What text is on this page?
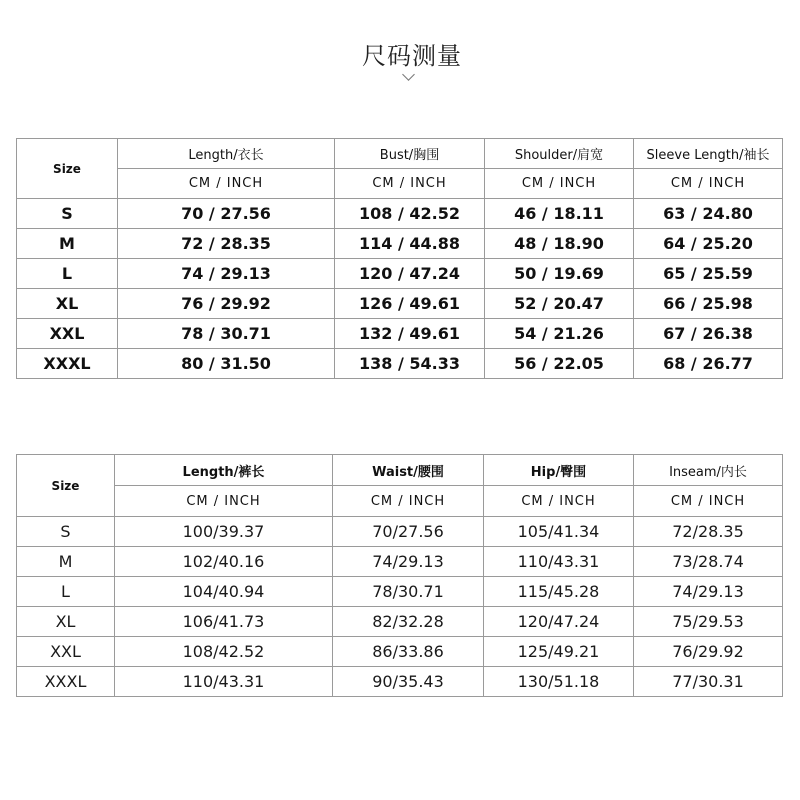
尺码测量
Size	Length/衣长	Bust/胸围	Shoulder/肩宽	Sleeve Length/袖长
	CM / INCH	CM / INCH	CM / INCH	CM / INCH
S	70 / 27.56	108 / 42.52	46 / 18.11	63 / 24.80
M	72 / 28.35	114 / 44.88	48 / 18.90	64 / 25.20
L	74 / 29.13	120 / 47.24	50 / 19.69	65 / 25.59
XL	76 / 29.92	126 / 49.61	52 / 20.47	66 / 25.98
XXL	78 / 30.71	132 / 49.61	54 / 21.26	67 / 26.38
XXXL	80 / 31.50	138 / 54.33	56 / 22.05	68 / 26.77
Size	Length/裤长	Waist/腰围	Hip/臀围	Inseam/内长
	CM / INCH	CM / INCH	CM / INCH	CM / INCH
S	100/39.37	70/27.56	105/41.34	72/28.35
M	102/40.16	74/29.13	110/43.31	73/28.74
L	104/40.94	78/30.71	115/45.28	74/29.13
XL	106/41.73	82/32.28	120/47.24	75/29.53
XXL	108/42.52	86/33.86	125/49.21	76/29.92
XXXL	110/43.31	90/35.43	130/51.18	77/30.31
